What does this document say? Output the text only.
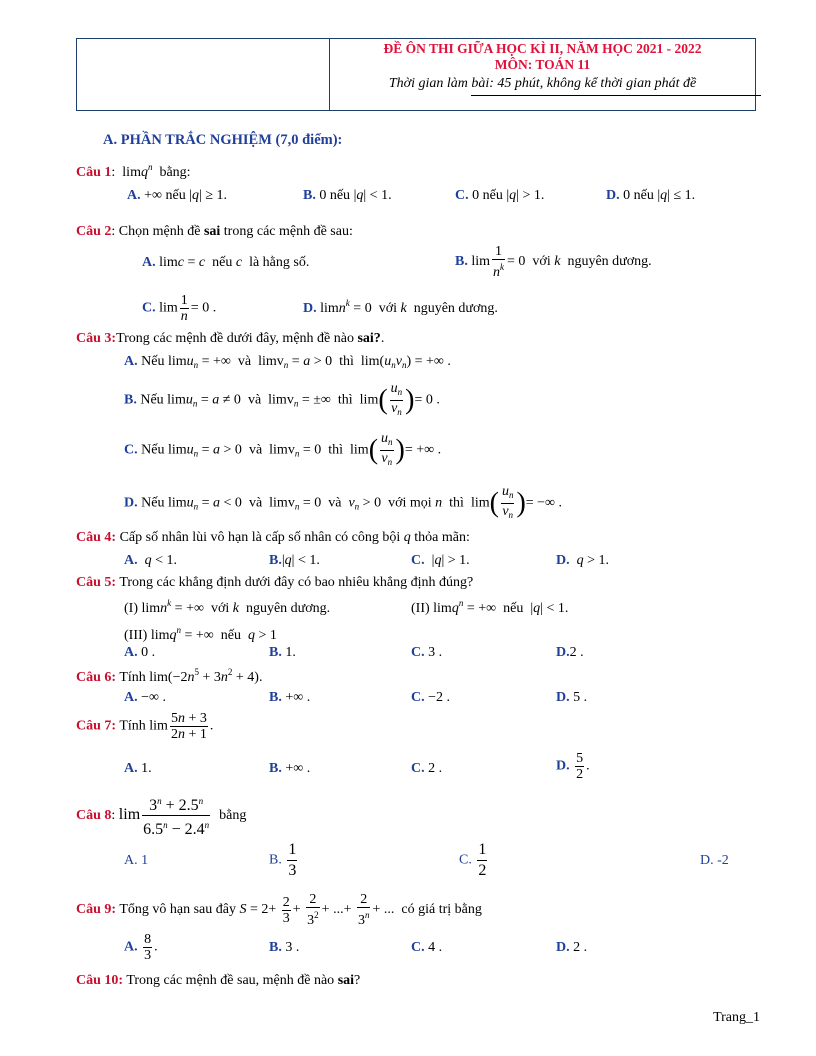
ĐỀ ÔN THI GIỮA HỌC KÌ II, NĂM HỌC 2021 - 2022
MÔN: TOÁN 11
Thời gian làm bài: 45 phút, không kể thời gian phát đề
A. PHẦN TRẮC NGHIỆM (7,0 điểm):
Câu 1:  limq$^n$ bằng:
A. +∞ nếu |q| ≥ 1.	B. 0 nếu |q| < 1.	C. 0 nếu |q| > 1.	D. 0 nếu |q| ≤ 1.
Câu 2: Chọn mệnh đề sai trong các mệnh đề sau:
A. limc = c nếu c là hằng số.	B. $\lim \frac{1}{n^k} = 0$  với k nguyên dương.
C. $\lim \frac{1}{n} = 0$ .	D. limn$^k$ = 0  với k nguyên dương.
Câu 3:Trong các mệnh đề dưới đây, mệnh đề nào sai?.
A. Nếu limu$_n$ = +∞  và  limv$_n$ = a > 0  thì  $\lim(u_nv_n)$ = +∞ .
B. Nếu limu$_n$ = a ≠ 0  và  limv$_n$ = ±∞  thì  $\lim( \frac{u_n}{v_n}$ )= 0 .
C. Nếu limu$_n$ = a > 0  và  limv$_n$ = 0  thì  $\lim( \frac{u_n}{v_n}$ )= +∞ .
D. Nếu limu$_n$ = a < 0  và  limv$_n$ = 0  và $v_n > 0$  với mọi n thì  $\lim( \frac{u_n}{v_n}$ )= −∞ .
Câu 4: Cấp số nhân lùi vô hạn là cấp số nhân có công bội q thỏa mãn:
A. q < 1.	B.|q| < 1.	C.  |q| > 1.	D. q > 1.
Câu 5: Trong các khẳng định dưới đây có bao nhiêu khẳng định đúng?
(I) limn$^k$ = +∞  với k nguyên dương.	(II) limq$^n$ = +∞  nếu  |q| < 1.
(III) limq$^n$ = +∞  nếu q > 1
A. 0 .	B. 1.	C. 3 .	D.2 .
Câu 6: Tính $\lim(-2n^5 + 3n^2 + 4)$.
A. −∞ .	B. +∞ .	C. −2 .	D. 5 .
Câu 7: Tính $\lim \frac{5n + 3}{2n + 1}$ .
A. 1.	B. +∞ .	C. 2 .	D. $\frac{5}{2}$ .
Câu 8: $\lim \frac{3^n + 2.5^n}{6.5^n - 2.4^n}$ bằng
A. 1	B. $\frac{1}{3}$	C. $\frac{1}{2}$	D. -2
Câu 9: Tổng vô hạn sau đây $S = 2+ \frac{2}{3} + \frac{2}{3^2}$ + ...+ $\frac{2}{3^n}$ + ...  có giá trị bằng
A. $\frac{8}{3}$ .	B. 3 .	C. 4 .	D. 2 .
Câu 10: Trong các mệnh đề sau, mệnh đề nào sai?
Trang_1
